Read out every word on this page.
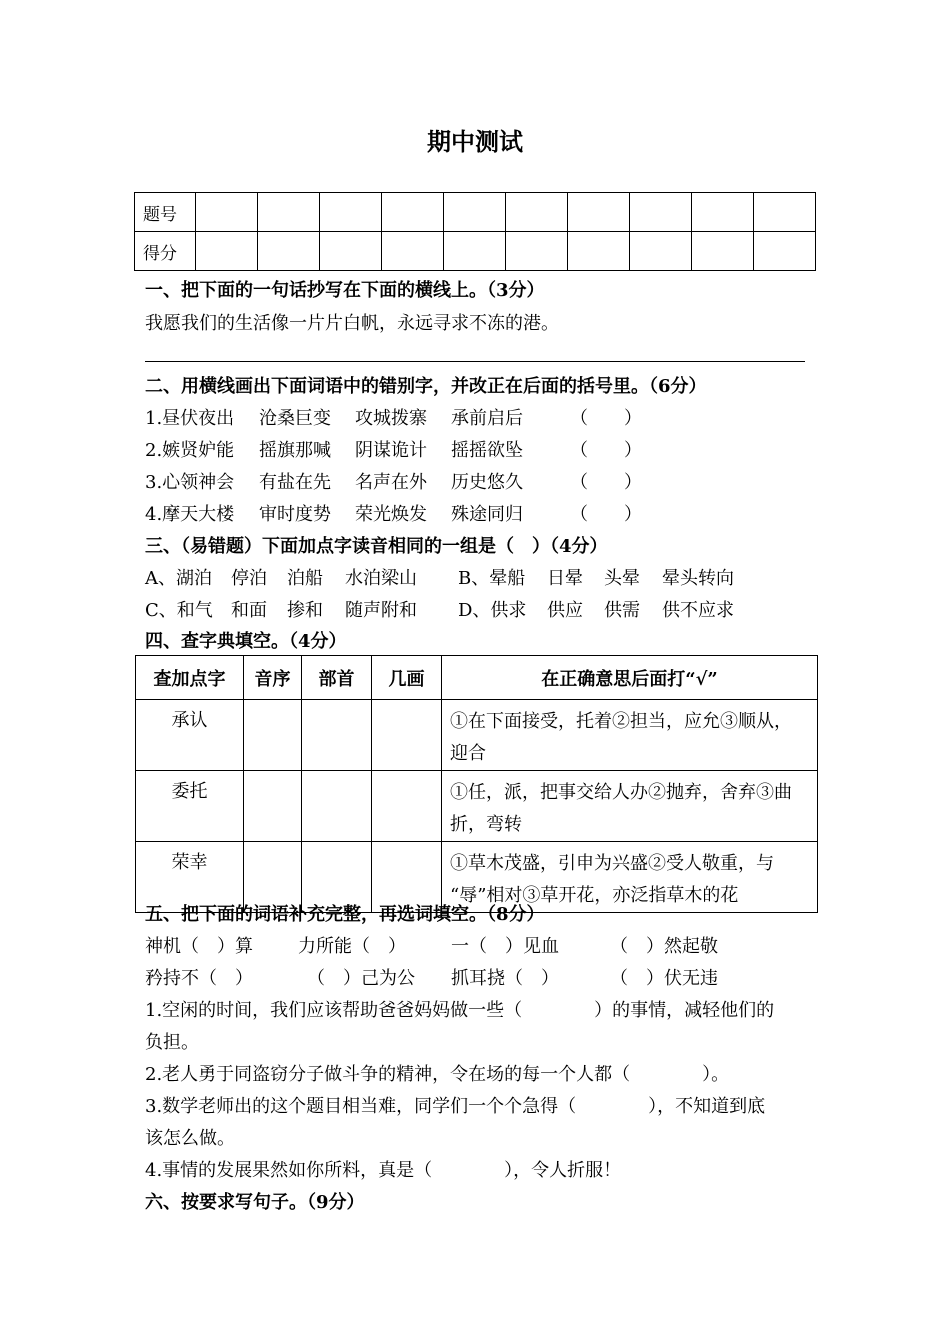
期中测试
题号										
得分										
一、把下面的一句话抄写在下面的横线上。（3分）
我愿我们的生活像一片片白帆，永远寻求不冻的港。
二、用横线画出下面词语中的错别字，并改正在后面的括号里。（6分）
1.昼伏夜出 沧桑巨变 攻城拨寨 承前启后	（　　）
2.嫉贤妒能 摇旗那喊 阴谋诡计 摇摇欲坠	（　　）
3.心领神会 有盐在先 名声在外 历史悠久	（　　）
4.摩天大楼 审时度势 荣光焕发 殊途同归	（　　）
三、（易错题）下面加点字读音相同的一组是（　）（4分）
A、湖泊 停泊 泊船 水泊梁山 B、晕船 日晕 头晕 晕头转向
C、和气 和面 掺和 随声附和 D、供求 供应 供需 供不应求
四、查字典填空。（4分）
查加点字	音序	部首	几画	在正确意思后面打“√”
承认				①在下面接受，托着②担当，应允③顺从，
迎合

委托				①任，派，把事交给人办②抛弃，舍弃③曲
折，弯转

荣幸				①草木茂盛，引申为兴盛②受人敬重，与
“辱”相对③草开花，亦泛指草木的花
五、把下面的词语补充完整，再选词填空。（8分）
神机（　）算	力所能（　）	一（　）见血	（　）然起敬
矜持不（　）	（　）己为公 抓耳挠（　）	（　）伏无违
1.空闲的时间，我们应该帮助爸爸妈妈做一些（　　　　）的事情，减轻他们的
负担。
2.老人勇于同盗窃分子做斗争的精神，令在场的每一个人都（　　　　）。
3.数学老师出的这个题目相当难，同学们一个个急得（　　　　），不知道到底
该怎么做。
4.事情的发展果然如你所料，真是（　　　　），令人折服！
六、按要求写句子。（9分）
